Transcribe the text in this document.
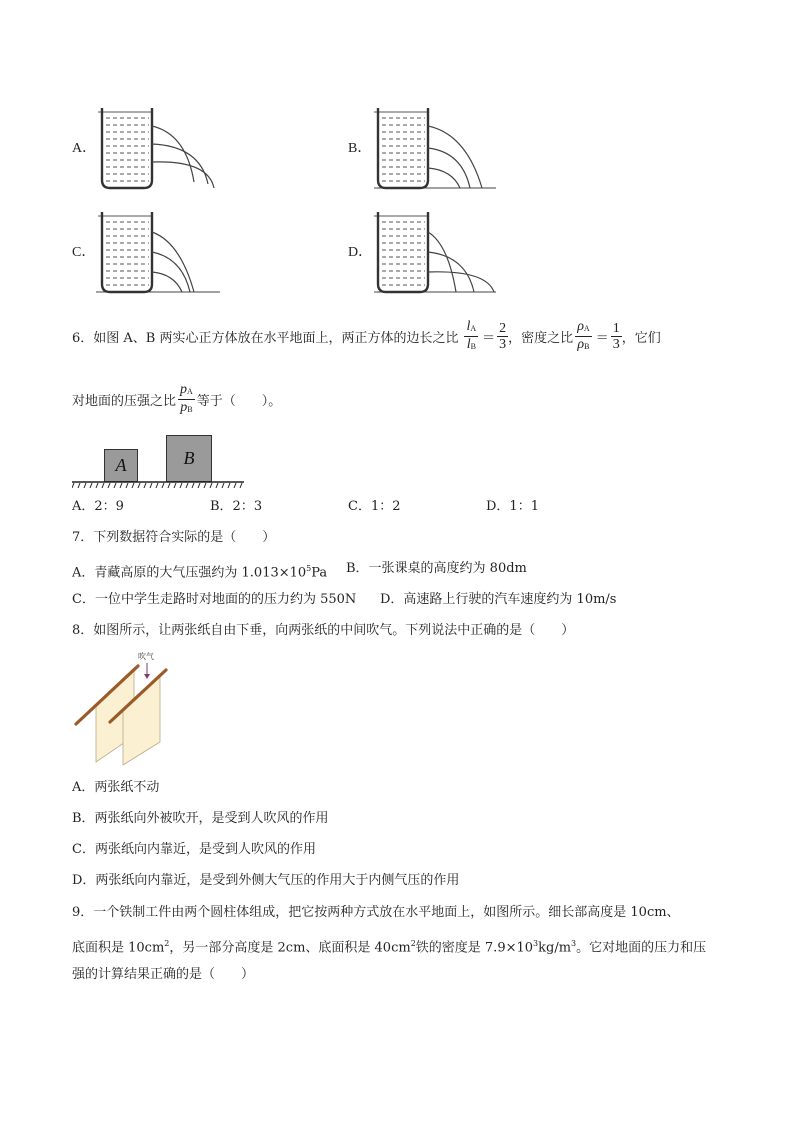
A．	B．
C．	D．
6．如图 A、B 两实心正方体放在水平地面上，两正方体的边长之比 $\frac{lA}{lB} = \frac{2}{3}$ ，密度之比 $\frac{\rho A}{\rho B} = \frac{1}{3}$ ，它们
对地面的压强之比 $\frac{pA}{pB}$ 等于（　　）。
A	B
A．2：9	B．2：3	C．1：2	D．1：1
7．下列数据符合实际的是（　　）
A．青藏高原的大气压强约为 $1.013\times 10^5Pa$ B．一张课桌的高度约为 80dm
C．一位中学生走路时对地面的的压力约为 550N D．高速路上行驶的汽车速度约为 10m/s
8．如图所示，让两张纸自由下垂，向两张纸的中间吹气。下列说法中正确的是（　　）
吹气
A．两张纸不动
B．两张纸向外被吹开，是受到人吹风的作用
C．两张纸向内靠近，是受到人吹风的作用
D．两张纸向内靠近，是受到外侧大气压的作用大于内侧气压的作用
9．一个铁制工件由两个圆柱体组成，把它按两种方式放在水平地面上，如图所示。细长部高度是 10cm、
底面积是 $10cm^2$，另一部分高度是 2cm、底面积是 $40cm^2$铁的密度是 $7.9\times 10^3kg/m^3$。它对地面的压力和压
强的计算结果正确的是（　　）
